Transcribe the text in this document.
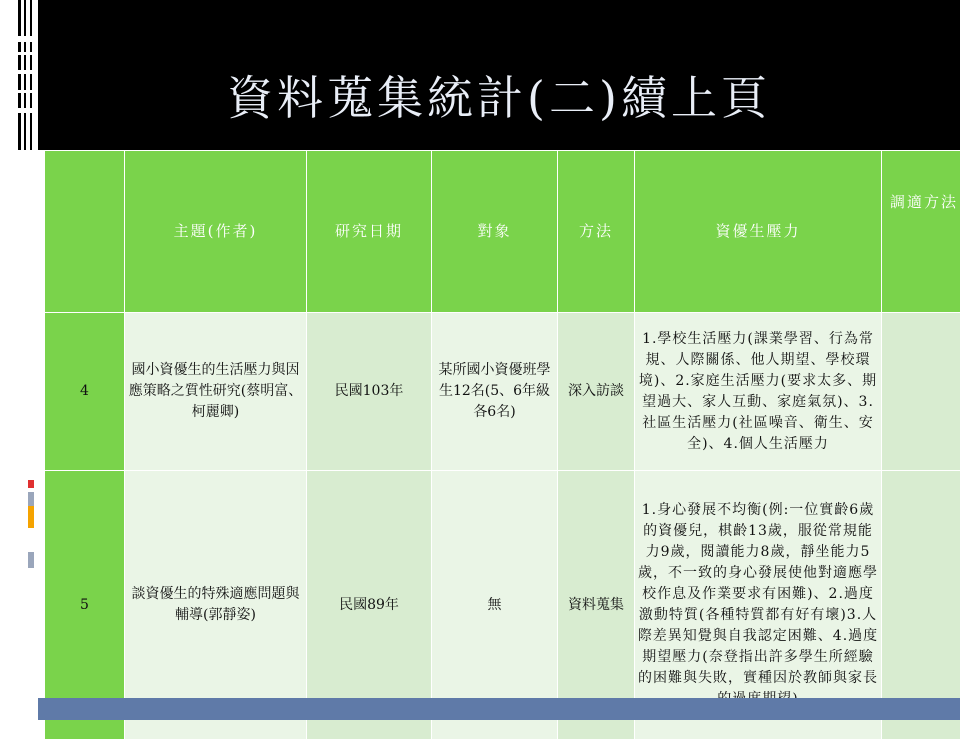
資料蒐集統計(二)續上頁
	主題(作者)	研究日期	對象	方法	資優生壓力	調適方法
4	國小資優生的生活壓力與因應策略之質性研究(蔡明富、柯麗卿)	民國103年	某所國小資優班學生12名(5、6年級各6名)	深入訪談	1.學校生活壓力(課業學習、行為常規、人際關係、他人期望、學校環境)、2.家庭生活壓力(要求太多、期望過大、家人互動、家庭氣氛)、3.社區生活壓力(社區噪音、衛生、安全)、4.個人生活壓力	

5	談資優生的特殊適應問題與輔導(郭靜姿)	民國89年	無	資料蒐集	1.身心發展不均衡(例:一位實齡6歲的資優兒，棋齡13歲，服從常規能力9歲，閱讀能力8歲，靜坐能力5歲，不一致的身心發展使他對適應學校作息及作業要求有困難)、2.過度激動特質(各種特質都有好有壞)3.人際差異知覺與自我認定困難、4.過度期望壓力(奈登指出許多學生所經驗的困難與失敗，實種因於教師與家長	
